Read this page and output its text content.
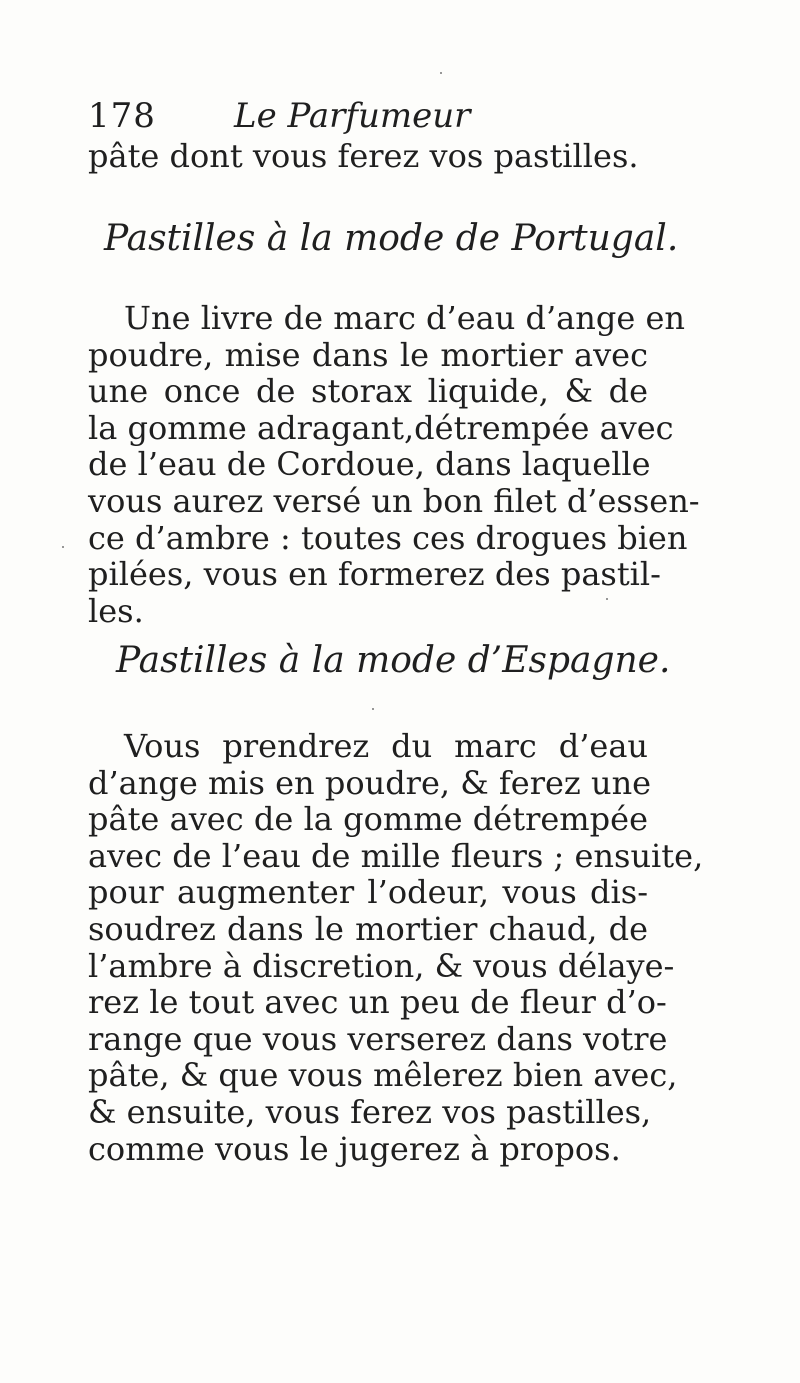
178 Le Parfumeur
pâte dont vous ferez vos pastilles.
Pastilles à la mode de Portugal.
Une livre de marc d’eau d’ange en
poudre, mise dans le mortier avec
une once de storax liquide, & de
la gomme adragant,détrempée avec
de l’eau de Cordoue, dans laquelle
vous aurez versé un bon filet d’essen-
ce d’ambre : toutes ces drogues bien
pilées, vous en formerez des pastil-
les.
Pastilles à la mode d’Espagne.
Vous prendrez du marc d’eau
d’ange mis en poudre, & ferez une
pâte avec de la gomme détrempée
avec de l’eau de mille fleurs ; ensuite,
pour augmenter l’odeur, vous dis-
soudrez dans le mortier chaud, de
l’ambre à discretion, & vous délaye-
rez le tout avec un peu de fleur d’o-
range que vous verserez dans votre
pâte, & que vous mêlerez bien avec,
& ensuite, vous ferez vos pastilles,
comme vous le jugerez à propos.
